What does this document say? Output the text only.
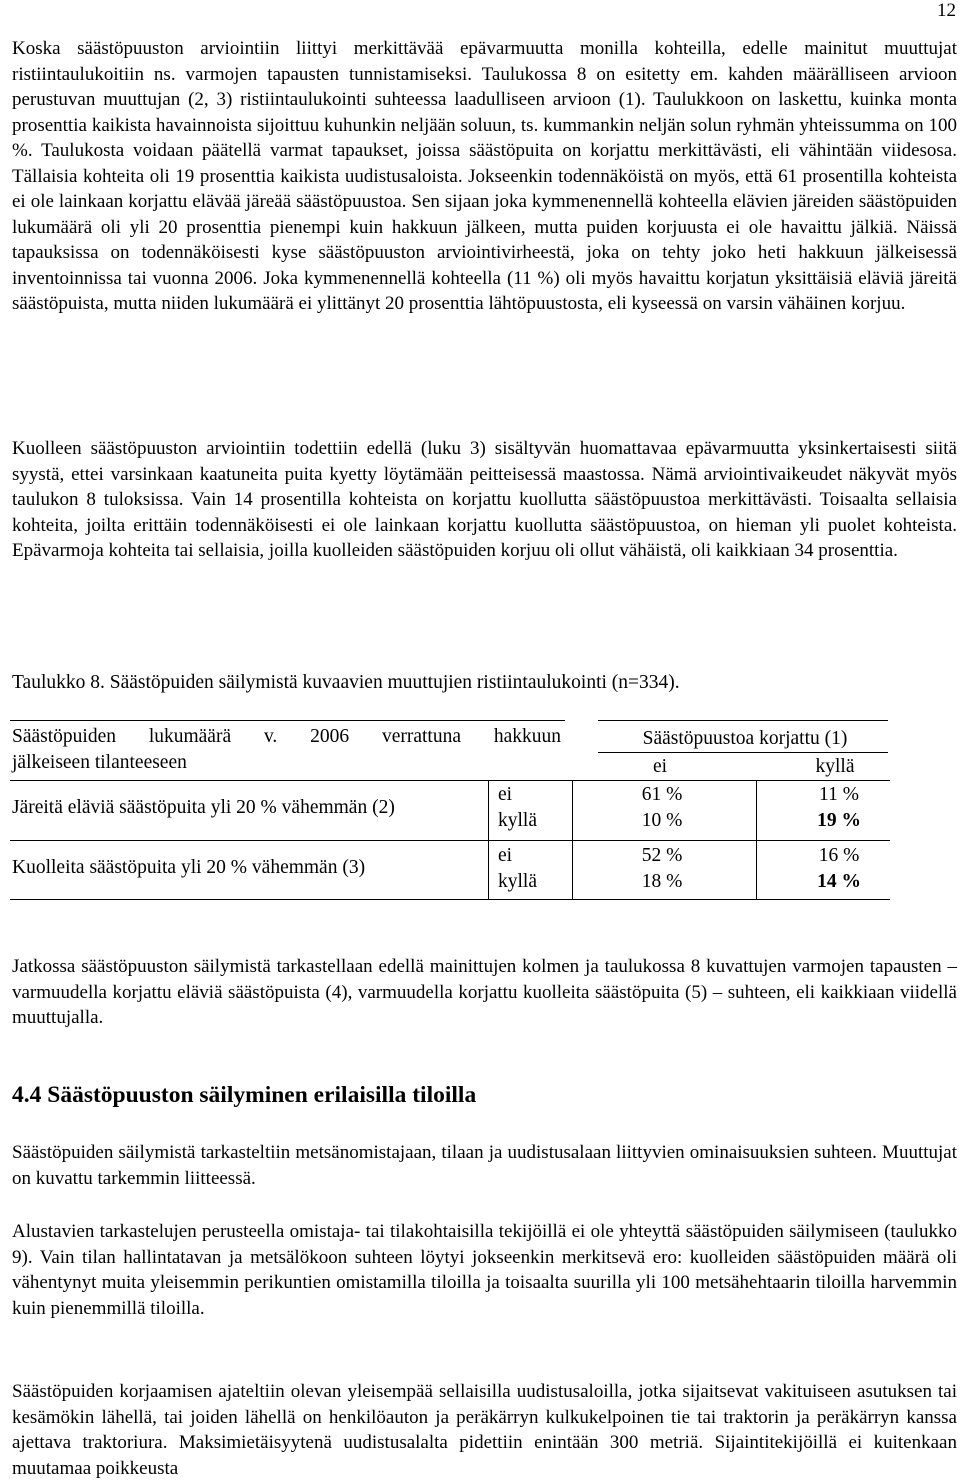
12

Koska säästöpuuston arviointiin liittyi merkittävää epävarmuutta monilla kohteilla, edelle mainitut muuttujat ristiintaulukoitiin ns. varmojen tapausten tunnistamiseksi. Taulukossa 8 on esitetty em. kahden määrälliseen arvioon perustuvan muuttujan (2, 3) ristiintaulukointi suhteessa laadulliseen arvioon (1). Taulukkoon on laskettu, kuinka monta prosenttia kaikista havainnoista sijoittuu kuhunkin neljään soluun, ts. kummankin neljän solun ryhmän yhteissumma on 100 %. Taulukosta voidaan päätellä varmat tapaukset, joissa säästöpuita on korjattu merkittävästi, eli vähintään viidesosa. Tällaisia kohteita oli 19 prosenttia kaikista uudistusaloista. Jokseenkin todennäköistä on myös, että 61 prosentilla kohteista ei ole lainkaan korjattu elävää järeää säästöpuustoa. Sen sijaan joka kymmenennellä kohteella elävien järeiden säästöpuiden lukumäärä oli yli 20 prosenttia pienempi kuin hakkuun jälkeen, mutta puiden korjuusta ei ole havaittu jälkiä. Näissä tapauksissa on todennäköisesti kyse säästöpuuston arviointivirheestä, joka on tehty joko heti hakkuun jälkeisessä inventoinnissa tai vuonna 2006. Joka kymmenennellä kohteella (11 %) oli myös havaittu korjatun yksittäisiä eläviä järeitä säästöpuista, mutta niiden lukumäärä ei ylittänyt 20 prosenttia lähtöpuustosta, eli kyseessä on varsin vähäinen korjuu.

Kuolleen säästöpuuston arviointiin todettiin edellä (luku 3) sisältyvän huomattavaa epävarmuutta yksinkertaisesti siitä syystä, ettei varsinkaan kaatuneita puita kyetty löytämään peitteisessä maastossa. Nämä arviointivaikeudet näkyvät myös taulukon 8 tuloksissa. Vain 14 prosentilla kohteista on korjattu kuollutta säästöpuustoa merkittävästi. Toisaalta sellaisia kohteita, joilta erittäin todennäköisesti ei ole lainkaan korjattu kuollutta säästöpuustoa, on hieman yli puolet kohteista. Epävarmoja kohteita tai sellaisia, joilla kuolleiden säästöpuiden korjuu oli ollut vähäistä, oli kaikkiaan 34 prosenttia.

Taulukko 8. Säästöpuiden säilymistä kuvaavien muuttujien ristiintaulukointi (n=334).
Säästöpuiden lukumäärä v. 2006 verrattuna hakkuun
jälkeiseen tilanteeseen
Säästöpuustoa korjattu (1)
ei	kyllä
Järeitä eläviä säästöpuita yli 20 % vähemmän (2)
ei
kyllä
61 %
10 %
11 %
19 %
Kuolleita säästöpuita yli 20 % vähemmän (3)
ei
kyllä
52 %
18 %
16 %
14 %

Jatkossa säästöpuuston säilymistä tarkastellaan edellä mainittujen kolmen ja taulukossa 8 kuvattujen varmojen tapausten – varmuudella korjattu eläviä säästöpuista (4), varmuudella korjattu kuolleita säästöpuita (5) – suhteen, eli kaikkiaan viidellä muuttujalla.

4.4 Säästöpuuston säilyminen erilaisilla tiloilla

Säästöpuiden säilymistä tarkasteltiin metsänomistajaan, tilaan ja uudistusalaan liittyvien ominaisuuksien suhteen. Muuttujat on kuvattu tarkemmin liitteessä.

Alustavien tarkastelujen perusteella omistaja- tai tilakohtaisilla tekijöillä ei ole yhteyttä säästöpuiden säilymiseen (taulukko 9). Vain tilan hallintatavan ja metsälökoon suhteen löytyi jokseenkin merkitsevä ero: kuolleiden säästöpuiden määrä oli vähentynyt muita yleisemmin perikuntien omistamilla tiloilla ja toisaalta suurilla yli 100 metsähehtaarin tiloilla harvemmin kuin pienemmillä tiloilla.

Säästöpuiden korjaamisen ajateltiin olevan yleisempää sellaisilla uudistusaloilla, jotka sijaitsevat vakituiseen asutuksen tai kesämökin lähellä, tai joiden lähellä on henkilöauton ja peräkärryn kulkukelpoinen tie tai traktorin ja peräkärryn kanssa ajettava traktoriura. Maksimietäisyytenä uudistusalalta pidettiin enintään 300 metriä. Sijaintitekijöillä ei kuitenkaan muutamaa poikkeusta
